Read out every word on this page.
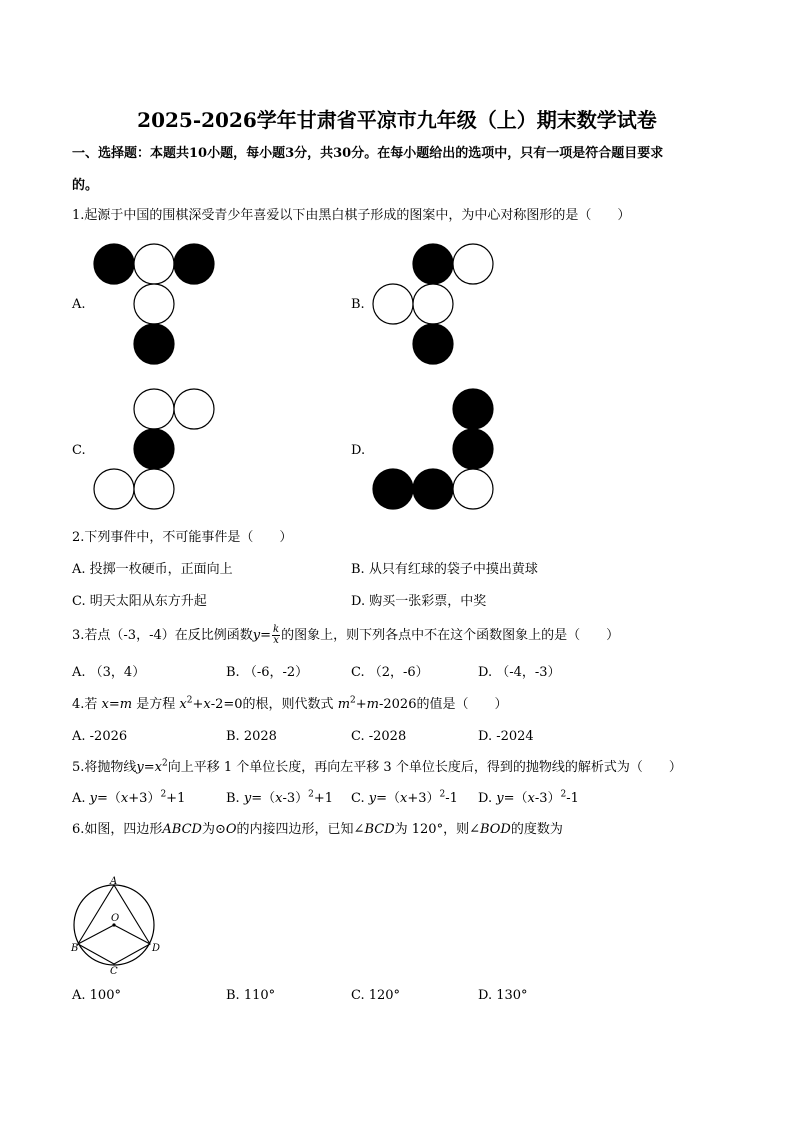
2025-2026学年甘肃省平凉市九年级（上）期末数学试卷
一、选择题：本题共10小题，每小题3分，共30分。在每小题给出的选项中，只有一项是符合题目要求
的。
1.起源于中国的围棋深受青少年喜爱以下由黑白棋子形成的图案中，为中心对称图形的是（　　）
A.	B.
C.	D.
2.下列事件中，不可能事件是（　　）
A. 投掷一枚硬币，正面向上	B. 从只有红球的袋子中摸出黄球
C. 明天太阳从东方升起	D. 购买一张彩票，中奖
3.若点（-3，-4）在反比例函数$y= \frac{k}{x}$ 的图象上，则下列各点中不在这个函数图象上的是（　　）
A. （3，4）	B. （-6，-2）	C. （2，-6）	D. （-4，-3）
4.若 x=m 是方程 $x^2+x-2=0$的根，则代数式 $m^2+m-2026$的值是（　　）
A. -2026	B. 2028	C. -2028	D. -2024
5.将抛物线$y=x^2$向上平移 1 个单位长度，再向左平移 3 个单位长度后，得到的抛物线的解析式为（　　）
A. $y=(x+3)^2+1$	B. $y=(x-3)^2+1$ C. $y=(x+3)^2-1$ D. $y=(x-3)^2-1$
6.如图，四边形ABCD为⊙O的内接四边形，已知∠BCD为 120°，则∠BOD的度数为
A
B
C
D
O
A. 100°	B. 110°	C. 120°	D. 130°
